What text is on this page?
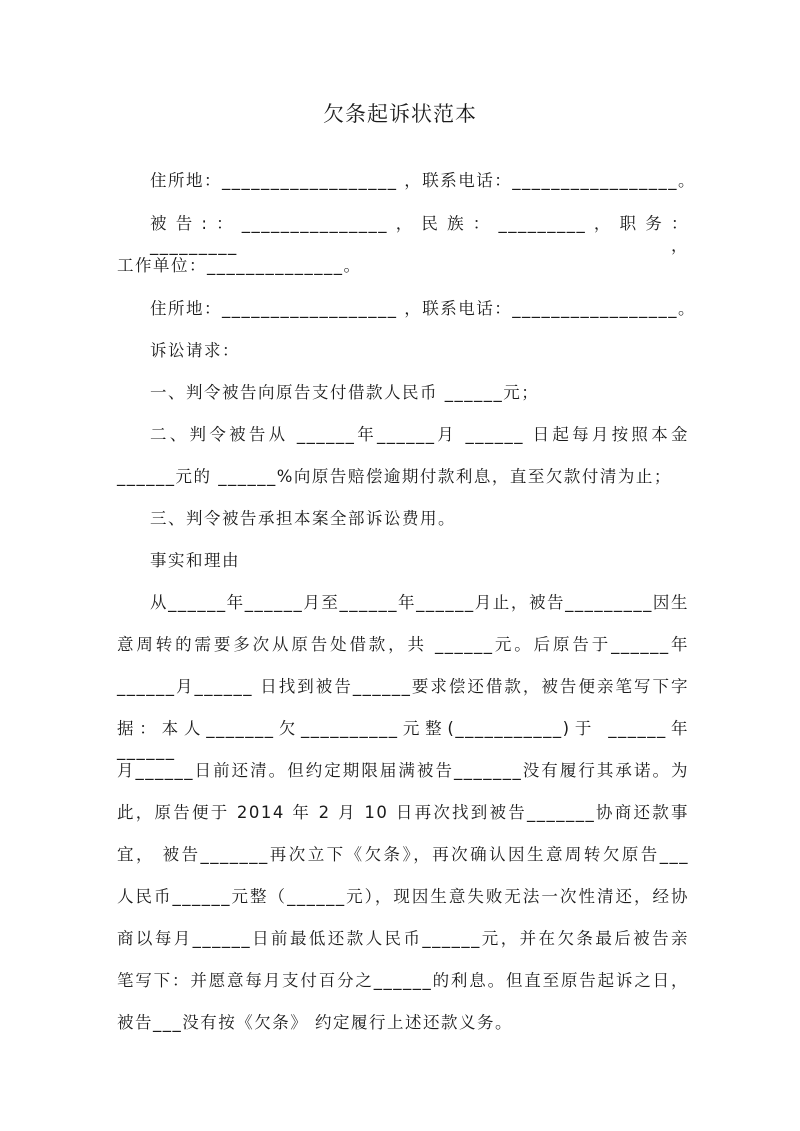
欠条起诉状范本
住所地：__________________ ，联系电话：_________________。
被告:：_______________，民族：_________，职务：_________，
工作单位：______________。
住所地：__________________ ，联系电话：_________________。
诉讼请求：
一、判令被告向原告支付借款人民币 ______元；
二、判令被告从 ______年______月 ______ 日起每月按照本金
______元的 ______%向原告赔偿逾期付款利息，直至欠款付清为止；
三、判令被告承担本案全部诉讼费用。
事实和理由
从______年______月至______年______月止，被告_________因生
意周转的需要多次从原告处借款，共 ______元。后原告于______年
______月______ 日找到被告______要求偿还借款，被告便亲笔写下字
据：本人_______欠__________元整(___________)于 ______年______
月______日前还清。但约定期限届满被告_______没有履行其承诺。为
此，原告便于 2014 年 2 月 10 日再次找到被告_______协商还款事
宜， 被告_______再次立下《欠条》，再次确认因生意周转欠原告___
人民币______元整（______元），现因生意失败无法一次性清还，经协
商以每月______日前最低还款人民币______元，并在欠条最后被告亲
笔写下：并愿意每月支付百分之______的利息。但直至原告起诉之日，
被告___没有按《欠条》 约定履行上述还款义务。
